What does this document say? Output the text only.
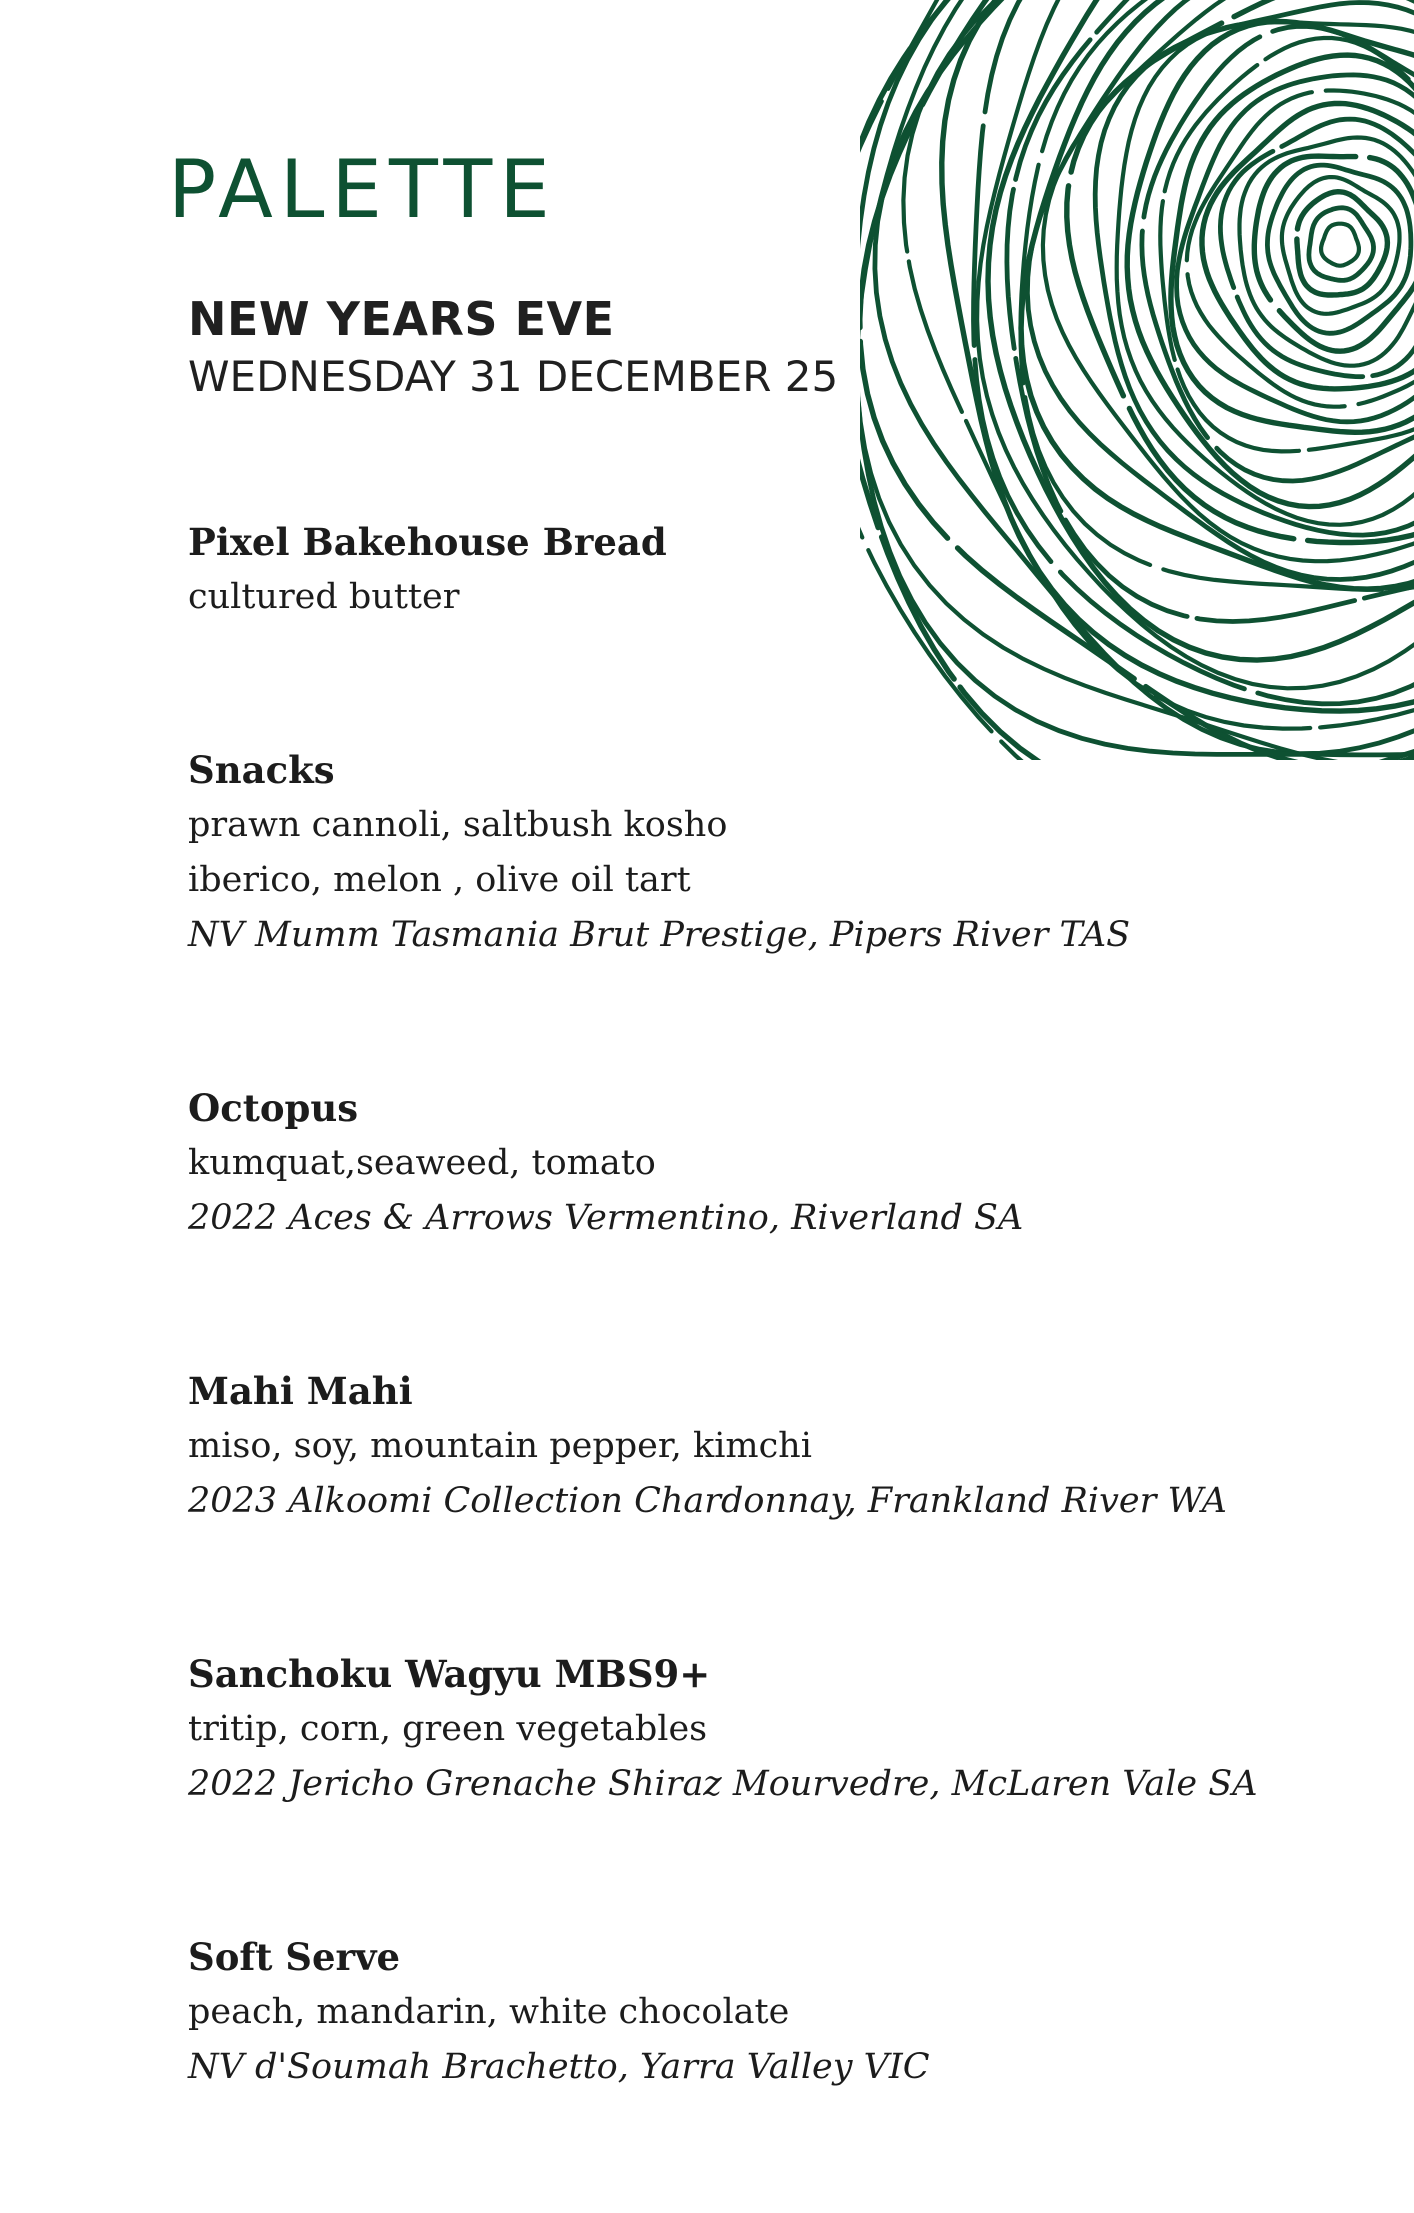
PALETTE
NEW YEARS EVE

WEDNESDAY 31 DECEMBER 25

Pixel Bakehouse Bread

cultured butter

Snacks

prawn cannoli, saltbush kosho

iberico, melon , olive oil tart

NV Mumm Tasmania Brut Prestige, Pipers River TAS

Octopus

kumquat,seaweed, tomato

2022 Aces & Arrows Vermentino, Riverland SA

Mahi Mahi

miso, soy, mountain pepper, kimchi

2023 Alkoomi Collection Chardonnay, Frankland River WA

Sanchoku Wagyu MBS9+

tritip, corn, green vegetables

2022 Jericho Grenache Shiraz Mourvedre, McLaren Vale SA

Soft Serve

peach, mandarin, white chocolate

NV d'Soumah Brachetto, Yarra Valley VIC
